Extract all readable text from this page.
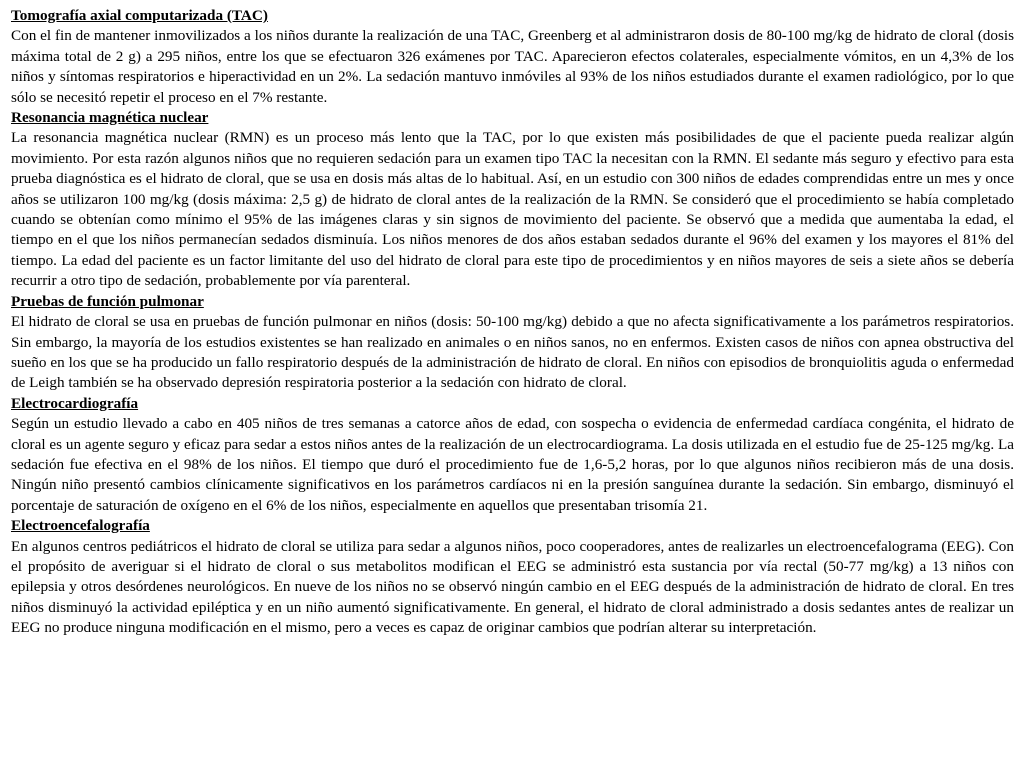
Tomografía axial computarizada (TAC)

Con el fin de mantener inmovilizados a los niños durante la realización de una TAC, Greenberg et al administraron dosis de 80-100 mg/kg de hidrato de cloral (dosis máxima total de 2 g) a 295 niños, entre los que se efectuaron 326 exámenes por TAC. Aparecieron efectos colaterales, especialmente vómitos, en un 4,3% de los niños y síntomas respiratorios e hiperactividad en un 2%. La sedación mantuvo inmóviles al 93% de los niños estudiados durante el examen radiológico, por lo que sólo se necesitó repetir el proceso en el 7% restante.

Resonancia magnética nuclear

La resonancia magnética nuclear (RMN) es un proceso más lento que la TAC, por lo que existen más posibilidades de que el paciente pueda realizar algún movimiento. Por esta razón algunos niños que no requieren sedación para un examen tipo TAC la necesitan con la RMN. El sedante más seguro y efectivo para esta prueba diagnóstica es el hidrato de cloral, que se usa en dosis más altas de lo habitual. Así, en un estudio con 300 niños de edades comprendidas entre un mes y once años se utilizaron 100 mg/kg (dosis máxima: 2,5 g) de hidrato de cloral antes de la realización de la RMN. Se consideró que el procedimiento se había completado cuando se obtenían como mínimo el 95% de las imágenes claras y sin signos de movimiento del paciente. Se observó que a medida que aumentaba la edad, el tiempo en el que los niños permanecían sedados disminuía. Los niños menores de dos años estaban sedados durante el 96% del examen y los mayores el 81% del tiempo. La edad del paciente es un factor limitante del uso del hidrato de cloral para este tipo de procedimientos y en niños mayores de seis a siete años se debería recurrir a otro tipo de sedación, probablemente por vía parenteral.

Pruebas de función pulmonar

El hidrato de cloral se usa en pruebas de función pulmonar en niños (dosis: 50-100 mg/kg) debido a que no afecta significativamente a los parámetros respiratorios. Sin embargo, la mayoría de los estudios existentes se han realizado en animales o en niños sanos, no en enfermos. Existen casos de niños con apnea obstructiva del sueño en los que se ha producido un fallo respiratorio después de la administración de hidrato de cloral. En niños con episodios de bronquiolitis aguda o enfermedad de Leigh también se ha observado depresión respiratoria posterior a la sedación con hidrato de cloral.

Electrocardiografía

Según un estudio llevado a cabo en 405 niños de tres semanas a catorce años de edad, con sospecha o evidencia de enfermedad cardíaca congénita, el hidrato de cloral es un agente seguro y eficaz para sedar a estos niños antes de la realización de un electrocardiograma. La dosis utilizada en el estudio fue de 25-125 mg/kg. La sedación fue efectiva en el 98% de los niños. El tiempo que duró el procedimiento fue de 1,6-5,2 horas, por lo que algunos niños recibieron más de una dosis. Ningún niño presentó cambios clínicamente significativos en los parámetros cardíacos ni en la presión sanguínea durante la sedación. Sin embargo, disminuyó el porcentaje de saturación de oxígeno en el 6% de los niños, especialmente en aquellos que presentaban trisomía 21.

Electroencefalografía

En algunos centros pediátricos el hidrato de cloral se utiliza para sedar a algunos niños, poco cooperadores, antes de realizarles un electroencefalograma (EEG). Con el propósito de averiguar si el hidrato de cloral o sus metabolitos modifican el EEG se administró esta sustancia por vía rectal (50-77 mg/kg) a 13 niños con epilepsia y otros desórdenes neurológicos. En nueve de los niños no se observó ningún cambio en el EEG después de la administración de hidrato de cloral. En tres niños disminuyó la actividad epiléptica y en un niño aumentó significativamente. En general, el hidrato de cloral administrado a dosis sedantes antes de realizar un EEG no produce ninguna modificación en el mismo, pero a veces es capaz de originar cambios que podrían alterar su interpretación.
